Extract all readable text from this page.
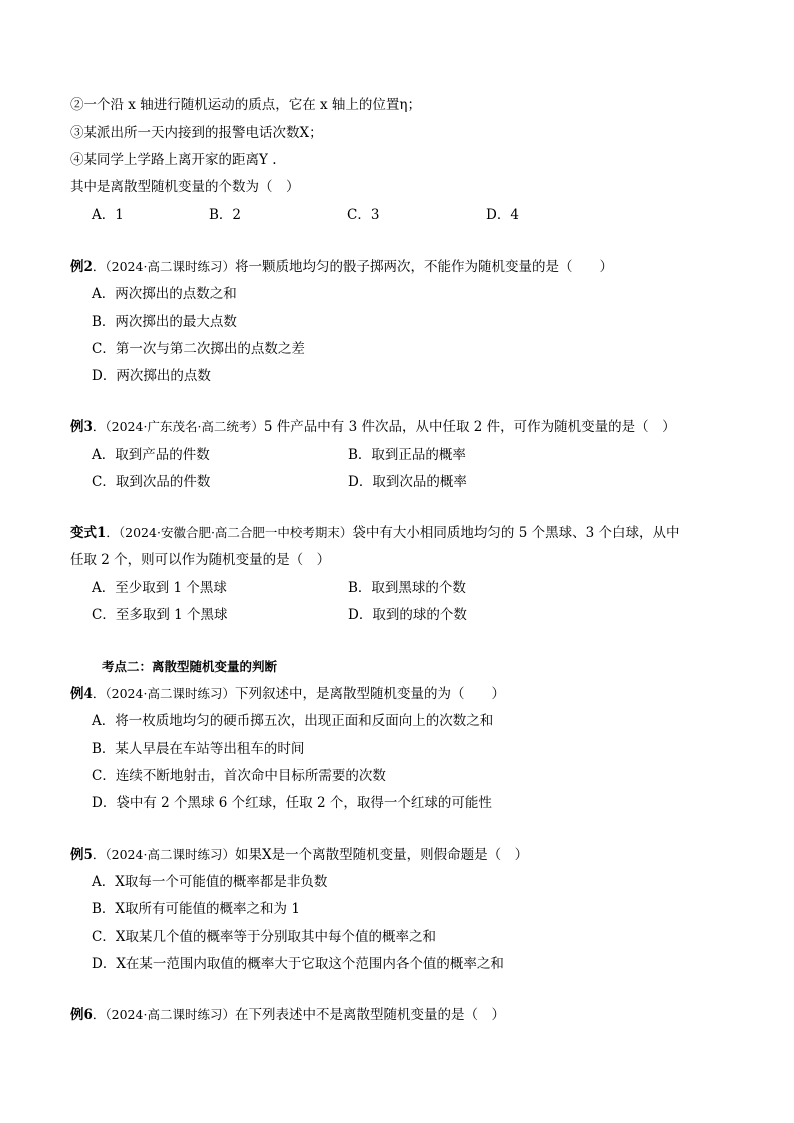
②一个沿 x 轴进行随机运动的质点，它在 x 轴上的位置η；
③某派出所一天内接到的报警电话次数X；
④某同学上学路上离开家的距离Y .
其中是离散型随机变量的个数为（　）
A．1	B．2	C．3	D．4
例2．（2024·高二课时练习）将一颗质地均匀的骰子掷两次，不能作为随机变量的是（　　）
A．两次掷出的点数之和
B．两次掷出的最大点数
C．第一次与第二次掷出的点数之差
D．两次掷出的点数
例3．（2024·广东茂名·高二统考）5 件产品中有 3 件次品，从中任取 2 件，可作为随机变量的是（　）
A．取到产品的件数	B．取到正品的概率
C．取到次品的件数	D．取到次品的概率
变式1．（2024·安徽合肥·高二合肥一中校考期末）袋中有大小相同质地均匀的 5 个黑球、3 个白球，从中
任取 2 个，则可以作为随机变量的是（　）
A．至少取到 1 个黑球	B．取到黑球的个数
C．至多取到 1 个黑球	D．取到的球的个数
考点二：离散型随机变量的判断
例4．（2024·高二课时练习）下列叙述中，是离散型随机变量的为（　　）
A．将一枚质地均匀的硬币掷五次，出现正面和反面向上的次数之和
B．某人早晨在车站等出租车的时间
C．连续不断地射击，首次命中目标所需要的次数
D．袋中有 2 个黑球 6 个红球，任取 2 个，取得一个红球的可能性
例5．（2024·高二课时练习）如果X是一个离散型随机变量，则假命题是（　）
A．X取每一个可能值的概率都是非负数
B．X取所有可能值的概率之和为 1
C．X取某几个值的概率等于分别取其中每个值的概率之和
D．X在某一范围内取值的概率大于它取这个范围内各个值的概率之和
例6．（2024·高二课时练习）在下列表述中不是离散型随机变量的是（　）
